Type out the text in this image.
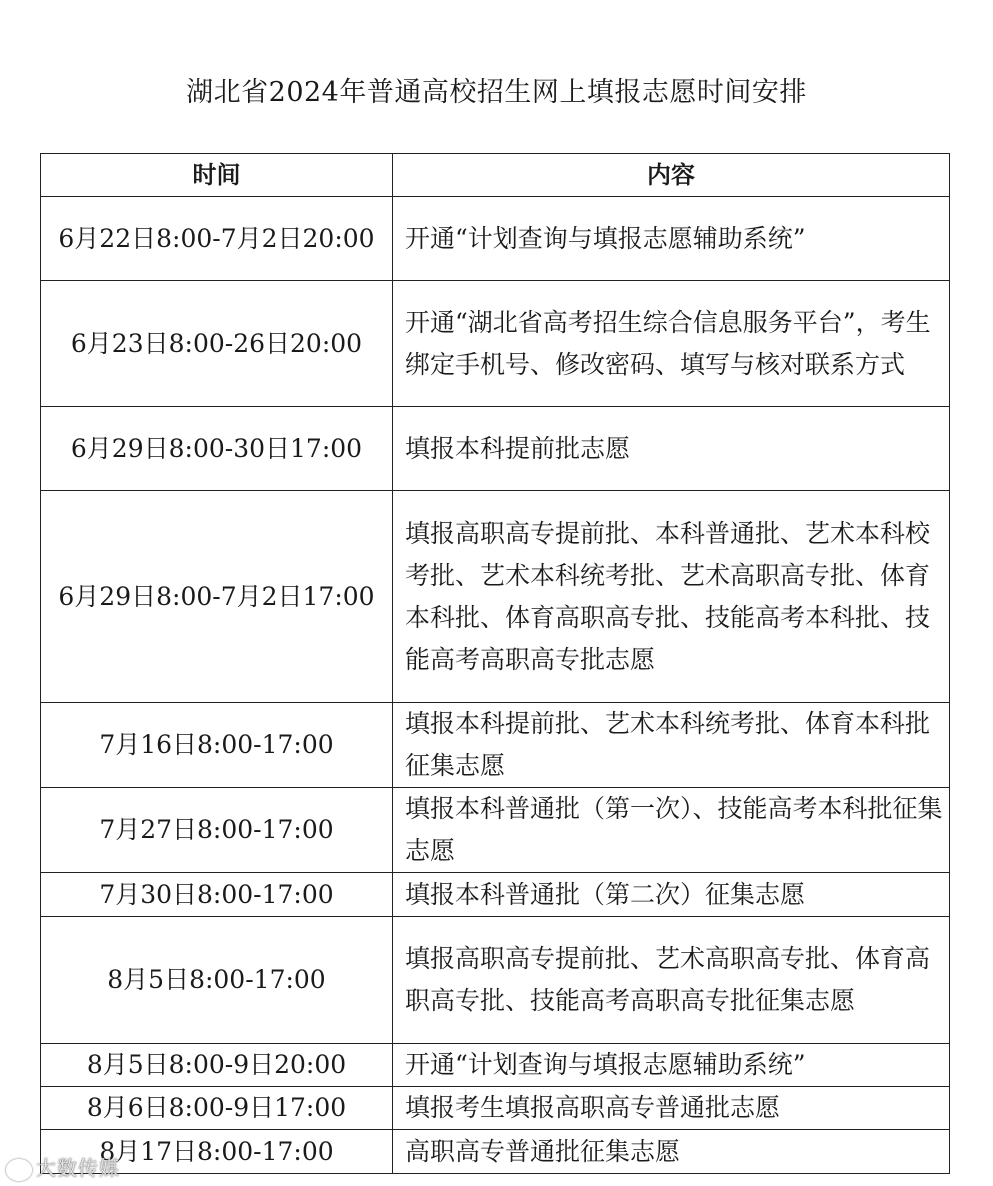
湖北省2024年普通高校招生网上填报志愿时间安排
时间	内容
6月22日8:00-7月2日20:00	开通“计划查询与填报志愿辅助系统”
6月23日8:00-26日20:00	开通“湖北省高考招生综合信息服务平台”，考生绑定手机号、修改密码、填写与核对联系方式
6月29日8:00-30日17:00	填报本科提前批志愿
6月29日8:00-7月2日17:00	填报高职高专提前批、本科普通批、艺术本科校考批、艺术本科统考批、艺术高职高专批、体育本科批、体育高职高专批、技能高考本科批、技能高考高职高专批志愿
7月16日8:00-17:00	填报本科提前批、艺术本科统考批、体育本科批征集志愿
7月27日8:00-17:00	填报本科普通批（第一次）、技能高考本科批征集志愿
7月30日8:00-17:00	填报本科普通批（第二次）征集志愿
8月5日8:00-17:00	填报高职高专提前批、艺术高职高专批、体育高职高专批、技能高考高职高专批征集志愿
8月5日8:00-9日20:00	开通“计划查询与填报志愿辅助系统”
8月6日8:00-9日17:00	填报考生填报高职高专普通批志愿
8月17日8:00-17:00	高职高专普通批征集志愿
大数传媒
